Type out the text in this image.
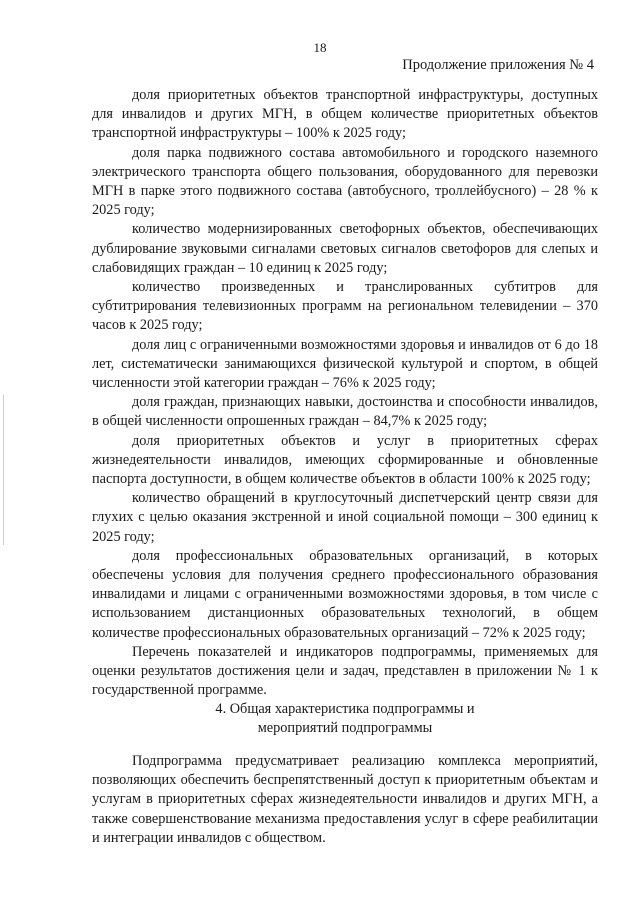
18
Продолжение приложения № 4

доля приоритетных объектов транспортной инфраструктуры, доступных для инвалидов и других МГН, в общем количестве приоритетных объектов транспортной инфраструктуры – 100% к 2025 году;

доля парка подвижного состава автомобильного и городского наземного электрического транспорта общего пользования, оборудованного для перевозки МГН в парке этого подвижного состава (автобусного, троллейбусного) – 28 % к 2025 году;

количество модернизированных светофорных объектов, обеспечивающих дублирование звуковыми сигналами световых сигналов светофоров для слепых и слабовидящих граждан – 10 единиц к 2025 году;

количество произведенных и транслированных субтитров для субтитрирования телевизионных программ на региональном телевидении – 370 часов к 2025 году;

доля лиц с ограниченными возможностями здоровья и инвалидов от 6 до 18 лет, систематически занимающихся физической культурой и спортом, в общей численности этой категории граждан – 76% к 2025 году;

доля граждан, признающих навыки, достоинства и способности инвалидов, в общей численности опрошенных граждан – 84,7% к 2025 году;

доля приоритетных объектов и услуг в приоритетных сферах жизнедеятельности инвалидов, имеющих сформированные и обновленные паспорта доступности, в общем количестве объектов в области 100% к 2025 году;

количество обращений в круглосуточный диспетчерский центр связи для глухих с целью оказания экстренной и иной социальной помощи – 300 единиц к 2025 году;

доля профессиональных образовательных организаций, в которых обеспечены условия для получения среднего профессионального образования инвалидами и лицами с ограниченными возможностями здоровья, в том числе с использованием дистанционных образовательных технологий, в общем количестве профессиональных образовательных организаций – 72% к 2025 году;

Перечень показателей и индикаторов подпрограммы, применяемых для оценки результатов достижения цели и задач, представлен в приложении № 1 к государственной программе.

4. Общая характеристика подпрограммы и
мероприятий подпрограммы

Подпрограмма предусматривает реализацию комплекса мероприятий, позволяющих обеспечить беспрепятственный доступ к приоритетным объектам и услугам в приоритетных сферах жизнедеятельности инвалидов и других МГН, а также совершенствование механизма предоставления услуг в сфере реабилитации и интеграции инвалидов с обществом.
